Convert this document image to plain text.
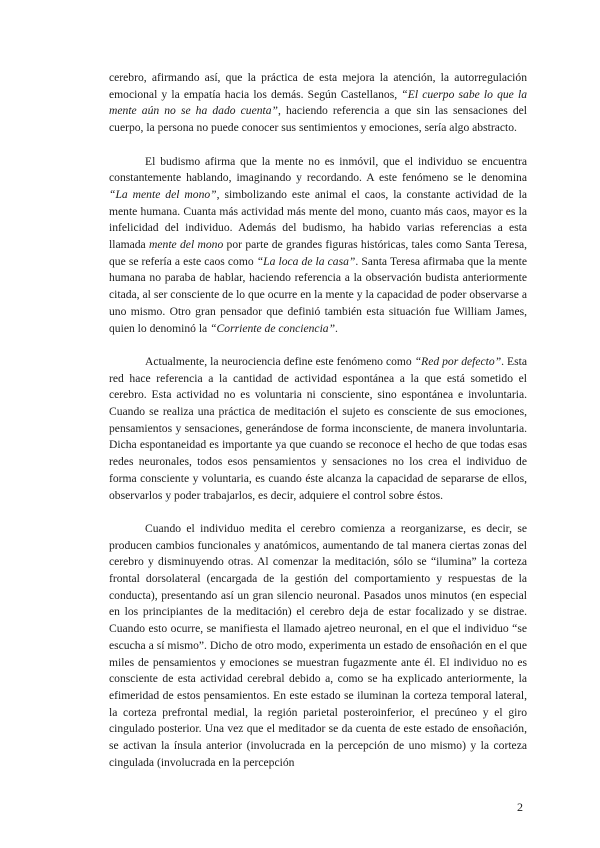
cerebro, afirmando así, que la práctica de esta mejora la atención, la autorregulación emocional y la empatía hacia los demás. Según Castellanos, “El cuerpo sabe lo que la mente aún no se ha dado cuenta”, haciendo referencia a que sin las sensaciones del cuerpo, la persona no puede conocer sus sentimientos y emociones, sería algo abstracto.

El budismo afirma que la mente no es inmóvil, que el individuo se encuentra constantemente hablando, imaginando y recordando. A este fenómeno se le denomina “La mente del mono”, simbolizando este animal el caos, la constante actividad de la mente humana. Cuanta más actividad más mente del mono, cuanto más caos, mayor es la infelicidad del individuo. Además del budismo, ha habido varias referencias a esta llamada mente del mono por parte de grandes figuras históricas, tales como Santa Teresa, que se refería a este caos como “La loca de la casa”. Santa Teresa afirmaba que la mente humana no paraba de hablar, haciendo referencia a la observación budista anteriormente citada, al ser consciente de lo que ocurre en la mente y la capacidad de poder observarse a uno mismo. Otro gran pensador que definió también esta situación fue William James, quien lo denominó la “Corriente de conciencia”.

Actualmente, la neurociencia define este fenómeno como “Red por defecto”. Esta red hace referencia a la cantidad de actividad espontánea a la que está sometido el cerebro. Esta actividad no es voluntaria ni consciente, sino espontánea e involuntaria. Cuando se realiza una práctica de meditación el sujeto es consciente de sus emociones, pensamientos y sensaciones, generándose de forma inconsciente, de manera involuntaria. Dicha espontaneidad es importante ya que cuando se reconoce el hecho de que todas esas redes neuronales, todos esos pensamientos y sensaciones no los crea el individuo de forma consciente y voluntaria, es cuando éste alcanza la capacidad de separarse de ellos, observarlos y poder trabajarlos, es decir, adquiere el control sobre éstos.

Cuando el individuo medita el cerebro comienza a reorganizarse, es decir, se producen cambios funcionales y anatómicos, aumentando de tal manera ciertas zonas del cerebro y disminuyendo otras. Al comenzar la meditación, sólo se “ilumina” la corteza frontal dorsolateral (encargada de la gestión del comportamiento y respuestas de la conducta), presentando así un gran silencio neuronal. Pasados unos minutos (en especial en los principiantes de la meditación) el cerebro deja de estar focalizado y se distrae. Cuando esto ocurre, se manifiesta el llamado ajetreo neuronal, en el que el individuo “se escucha a sí mismo”. Dicho de otro modo, experimenta un estado de ensoñación en el que miles de pensamientos y emociones se muestran fugazmente ante él. El individuo no es consciente de esta actividad cerebral debido a, como se ha explicado anteriormente, la efimeridad de estos pensamientos. En este estado se iluminan la corteza temporal lateral, la corteza prefrontal medial, la región parietal posteroinferior, el precúneo y el giro cingulado posterior. Una vez que el meditador se da cuenta de este estado de ensoñación, se activan la ínsula anterior (involucrada en la percepción de uno mismo) y la corteza cingulada (involucrada en la percepción

2
